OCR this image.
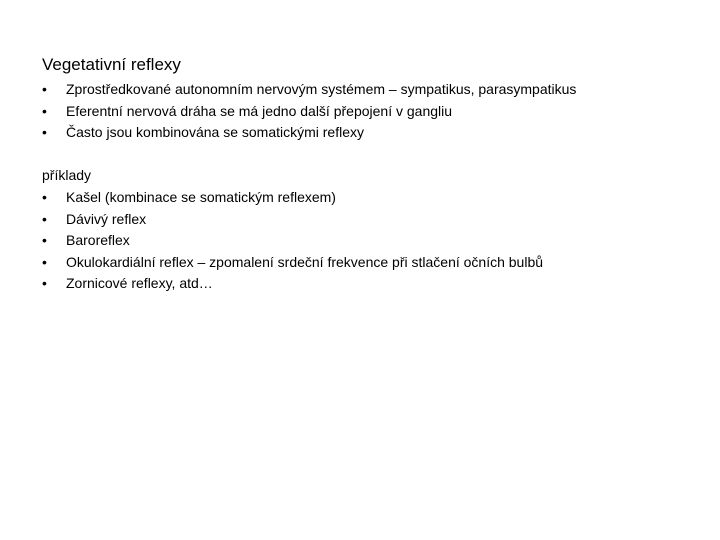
Vegetativní reflexy
•	Zprostředkované autonomním nervovým systémem – sympatikus, parasympatikus
•	Eferentní nervová dráha se má jedno další přepojení v gangliu
•	Často jsou kombinována se somatickými reflexy
příklady
•	Kašel (kombinace se somatickým reflexem)
•	Dávivý reflex
•	Baroreflex
•	Okulokardiální reflex – zpomalení srdeční frekvence při stlačení očních bulbů
•	Zornicové reflexy, atd…
